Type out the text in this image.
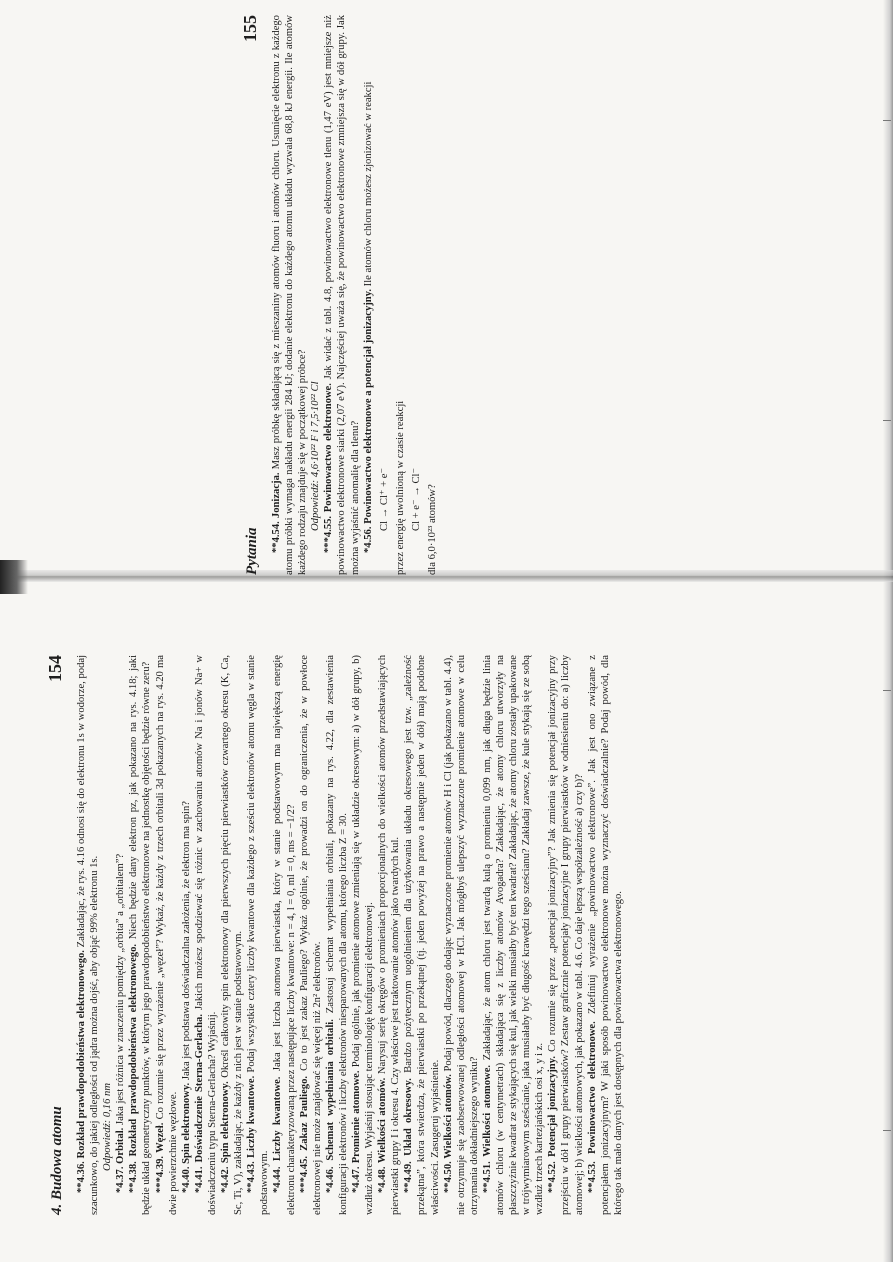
4. Budowa atomu
154

**4.36. Rozkład prawdopodobieństwa elektronowego. Zakładając, że rys. 4.16 odnosi się do elektronu 1s w wodorze, podaj szacunkowo, do jakiej odległości od jądra można dojść, aby objąć 99% elektronu 1s. Odpowiedź: 0,16 nm *4.37. Orbital. Jaka jest różnica w znaczeniu pomiędzy „orbita” a „orbitalem”? **4.38. Rozkład prawdopodobieństwa elektronowego. Niech będzie dany elektron pz, jak pokazano na rys. 4.18; jaki będzie układ geometryczny punktów, w którym jego prawdopodobieństwo elektronowe na jednostkę objętości będzie równe zeru? ***4.39. Węzeł. Co rozumie się przez wyrażenie „węzeł”? Wykaż, że każdy z trzech orbitali 3d pokazanych na rys. 4.20 ma dwie powierzchnie węzłowe. *4.40. Spin elektronowy. Jaka jest podstawa doświadczalna założenia, że elektron ma spin?

*4.41. Doświadczenie Sterna-Gerlacha. Jakich możesz spodziewać się różnic w zachowaniu atomów Na i jonów Na+ w doświadczeniu typu Sterna-Gerlacha? Wyjaśnij. *4.42. Spin elektronowy. Określ całkowity spin elektronowy dla pierwszych pięciu pierwiastków czwartego okresu (K, Ca, Sc, Ti, V), zakładając, że każdy z nich jest w stanie podstawowym. **4.43. Liczby kwantowe. Podaj wszystkie cztery liczby kwantowe dla każdego z sześciu elektronów atomu węgla w stanie podstawowym. *4.44. Liczby kwantowe. Jaka jest liczba atomowa pierwiastka, który w stanie podstawowym ma największą energię elektronu charakteryzowaną przez następujące liczby kwantowe: n = 4, l = 0, ml = 0, ms = −1/2? ***4.45. Zakaz Pauliego. Co to jest zakaz Pauliego? Wykaż ogólnie, że prowadzi on do ograniczenia, że w powłoce elektronowej nie może znajdować się więcej niż 2n² elektronów. *4.46. Schemat wypełniania orbitali. Zastosuj schemat wypełniania orbitali, pokazany na rys. 4.22, dla zestawienia konfiguracji elektronów i liczby elektronów niesparowanych dla atomu, którego liczba Z = 30. *4.47. Promienie atomowe. Podaj ogólnie, jak promienie atomowe zmieniają się w układzie okresowym: a) w dół grupy, b) wzdłuż okresu. Wyjaśnij stosując terminologię konfiguracji elektronowej. *4.48. Wielkości atomów. Narysuj serię okręgów o promieniach proporcjonalnych do wielkości atomów przedstawiających pierwiastki grupy I i okresu 4. Czy właściwe jest traktowanie atomów jako twardych kul. **4.49. Układ okresowy. Bardzo pożytecznym uogólnieniem dla użytkowania układu okresowego jest tzw. „zależność przekątna”, która stwierdza, że pierwiastki po przekątnej (tj. jeden powyżej na prawo a następnie jeden w dół) mają podobne właściwości. Zasugeruj wyjaśnienie. **4.50. Wielkości atomów. Podaj powód, dlaczego dodając wyznaczone promienie atomów H i Cl (jak pokazano w tabl. 4.4), nie otrzymuje się zaobserwowanej odległości atomowej w HCl. Jak mógłbyś ulepszyć wyznaczone promienie atomowe w celu otrzymania dokładniejszego wyniku? **4.51. Wielkości atomowe. Zakładając, że atom chloru jest twardą kulą o promieniu 0,099 nm, jak długa będzie linia atomów chloru (w centymetrach) składająca się z liczby atomów Avogadra? Zakładając, że atomy chloru utworzyły na płaszczyźnie kwadrat ze stykających się kul, jak wielki musiałby być ten kwadrat? Zakładając, że atomy chloru zostały upakowane w trójwymiarowym sześcianie, jaka musiałaby być długość krawędzi tego sześcianu? Zakładaj zawsze, że kule stykają się ze sobą wzdłuż trzech kartezjańskich osi x, y i z. **4.52. Potencjał jonizacyjny. Co rozumie się przez „potencjał jonizacyjny”? Jak zmienia się potencjał jonizacyjny przy przejściu w dół I grupy pierwiastków? Zestaw graficznie potencjały jonizacyjne I grupy pierwiastków w odniesieniu do: a) liczby atomowej; b) wielkości atomowych, jak pokazano w tabl. 4.6. Co daje lepszą współzależność a) czy b)? **4.53. Powinowactwo elektronowe. Zdefiniuj wyrażenie „powinowactwo elektronowe”. Jak jest ono związane z potencjałem jonizacyjnym? W jaki sposób powinowactwo elektronowe można wyznaczyć doświadczalnie? Podaj powód, dla którego tak mało danych jest dostępnych dla powinowactwa elektronowego.

Pytania
155

**4.54. Jonizacja. Masz próbkę składającą się z mieszaniny atomów fluoru i atomów chloru. Usunięcie elektronu z każdego atomu próbki wymaga nakładu energii 284 kJ; dodanie elektronu do każdego atomu układu wyzwala 68,8 kJ energii. Ile atomów każdego rodzaju znajduje się w początkowej próbce? Odpowiedź: 4,6·10²² F i 7,5·10²² Cl ***4.55. Powinowactwo elektronowe. Jak widać z tabl. 4.8, powinowactwo elektronowe tlenu (1,47 eV) jest mniejsze niż powinowactwo elektronowe siarki (2,07 eV). Najczęściej uważa się, że powinowactwo elektronowe zmniejsza się w dół grupy. Jak można wyjaśnić anomalię dla tlenu? *4.56. Powinowactwo elektronowe a potencjał jonizacyjny. Ile atomów chloru możesz zjonizować w reakcji

Cl → Cl⁺ + e⁻ przez energię uwolnioną w czasie reakcji Cl + e⁻ → Cl⁻ dla 6,0·10²³ atomów?
